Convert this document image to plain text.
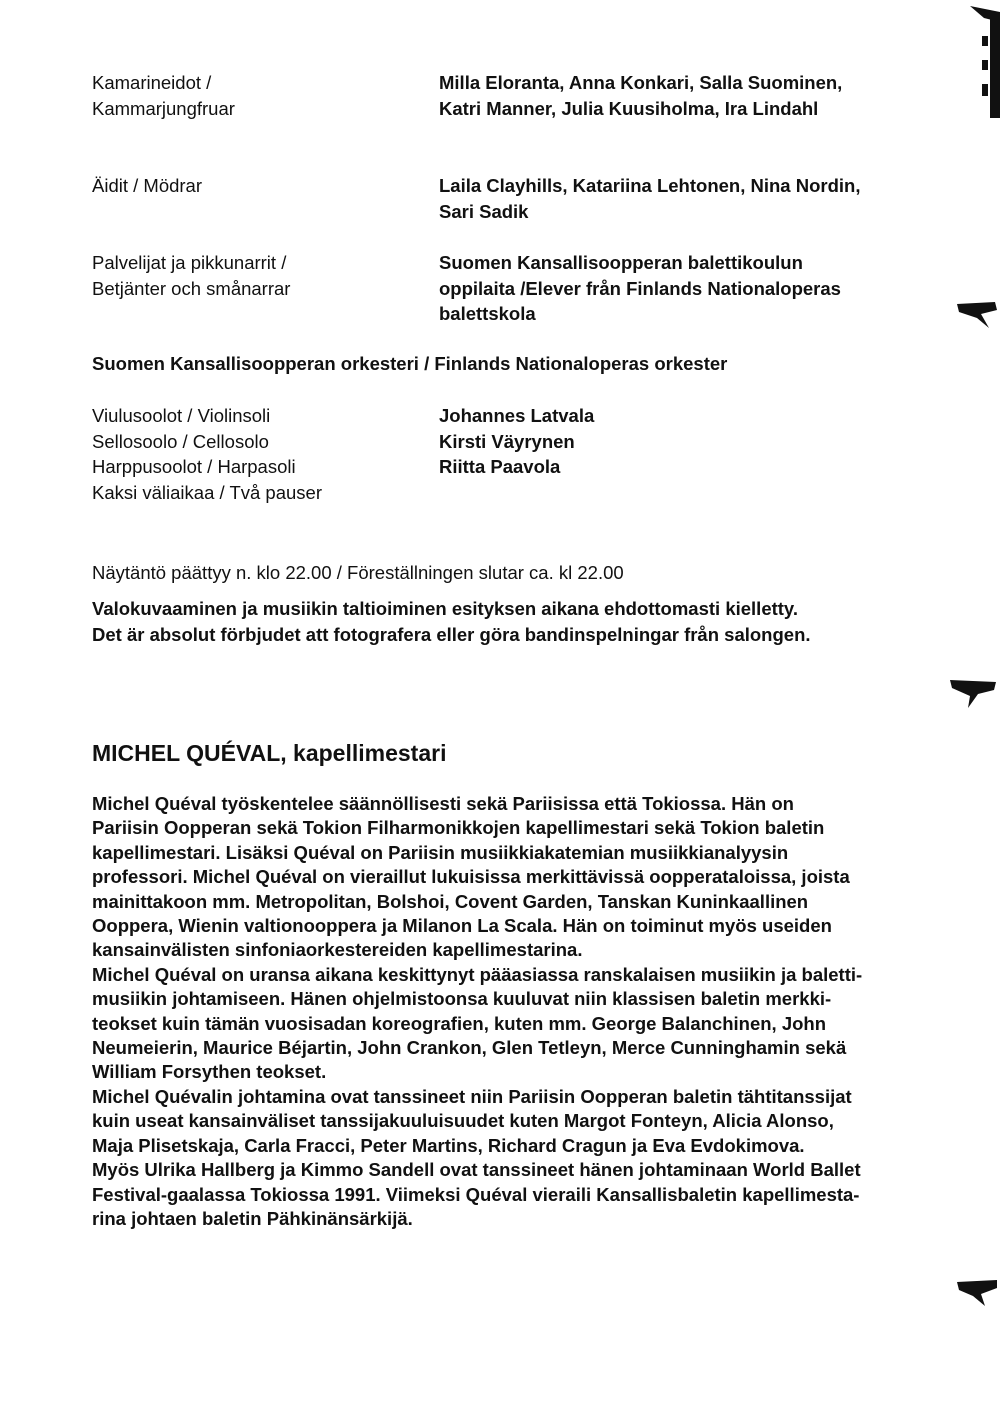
Kamarineidot /
Kammarjungfruar
Milla Eloranta, Anna Konkari, Salla Suominen,
Katri Manner, Julia Kuusiholma, Ira Lindahl
Äidit / Mödrar	Laila Clayhills, Katariina Lehtonen, Nina Nordin,
Sari Sadik
Palvelijat ja pikkunarrit /
Betjänter och smånarrar
Suomen Kansallisoopperan balettikoulun
oppilaita /Elever från Finlands Nationaloperas
balettskola
Suomen Kansallisoopperan orkesteri / Finlands Nationaloperas orkester
Viulusoolot / Violinsoli
Sellosoolo / Cellosolo
Harppusoolot / Harpasoli
Kaksi väliaikaa / Två pauser
Johannes Latvala
Kirsti Väyrynen
Riitta Paavola
Näytäntö päättyy n. klo 22.00 / Föreställningen slutar ca. kl 22.00
Valokuvaaminen ja musiikin taltioiminen esityksen aikana ehdottomasti kielletty.
Det är absolut förbjudet att fotografera eller göra bandinspelningar från salongen.
MICHEL QUÉVAL, kapellimestari
Michel Quéval työskentelee säännöllisesti sekä Pariisissa että Tokiossa. Hän on
Pariisin Oopperan sekä Tokion Filharmonikkojen kapellimestari sekä Tokion baletin
kapellimestari. Lisäksi Quéval on Pariisin musiikkiakatemian musiikkianalyysin
professori. Michel Quéval on vieraillut lukuisissa merkittävissä oopperataloissa, joista
mainittakoon mm. Metropolitan, Bolshoi, Covent Garden, Tanskan Kuninkaallinen
Ooppera, Wienin valtionooppera ja Milanon La Scala. Hän on toiminut myös useiden
kansainvälisten sinfoniaorkestereiden kapellimestarina.
Michel Quéval on uransa aikana keskittynyt pääasiassa ranskalaisen musiikin ja baletti-
musiikin johtamiseen. Hänen ohjelmistoonsa kuuluvat niin klassisen baletin merkki-
teokset kuin tämän vuosisadan koreografien, kuten mm. George Balanchinen, John
Neumeierin, Maurice Béjartin, John Crankon, Glen Tetleyn, Merce Cunninghamin sekä
William Forsythen teokset.
Michel Quévalin johtamina ovat tanssineet niin Pariisin Oopperan baletin tähtitanssijat
kuin useat kansainväliset tanssijakuuluisuudet kuten Margot Fonteyn, Alicia Alonso,
Maja Plisetskaja, Carla Fracci, Peter Martins, Richard Cragun ja Eva Evdokimova.
Myös Ulrika Hallberg ja Kimmo Sandell ovat tanssineet hänen johtaminaan World Ballet
Festival-gaalassa Tokiossa 1991. Viimeksi Quéval vieraili Kansallisbaletin kapellimesta-
rina johtaen baletin Pähkinänsärkijä.
